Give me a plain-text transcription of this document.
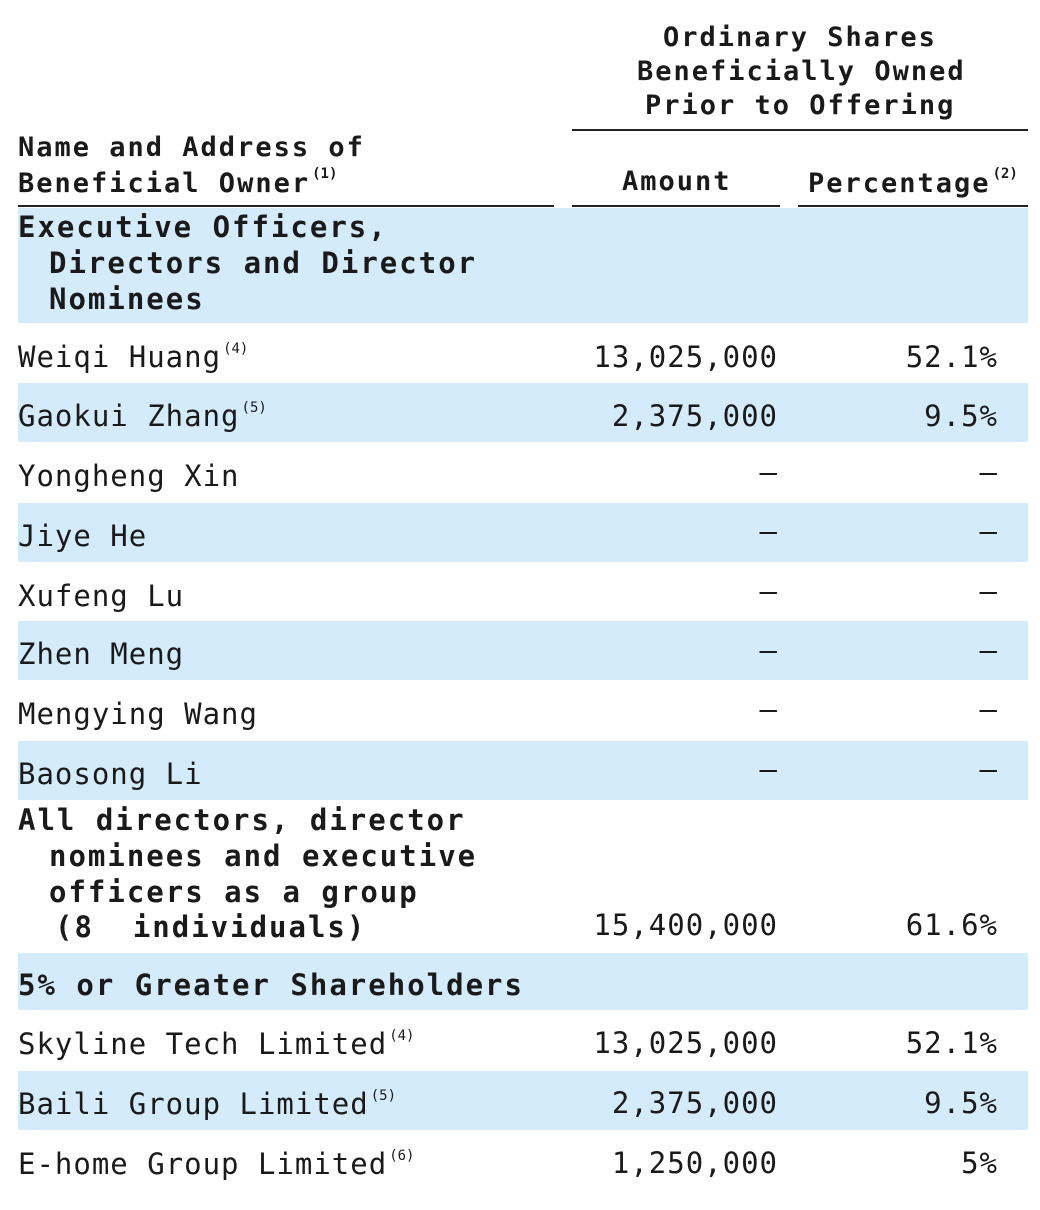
Ordinary Shares
Beneficially Owned
Prior to Offering
Name and Address of
Beneficial Owner $^{(1)}$	Amount	Percentage $^{(2)}$
Executive Officers,
Directors and Director
Nominees
Weiqi Huang $^{(4)}$	13,025,000	52.1%
Gaokui Zhang $^{(5)}$	2,375,000	9.5%
Yongheng Xin	—	—
Jiye He	—	—
Xufeng Lu	—	—
Zhen Meng	—	—
Mengying Wang	—	—
Baosong Li	—	—
All directors, director
nominees and executive
officers as a group
(8  individuals)	15,400,000	61.6%
5% or Greater Shareholders
Skyline Tech Limited $^{(4)}$	13,025,000	52.1%
Baili Group Limited $^{(5)}$	2,375,000	9.5%
E-home Group Limited $^{(6)}$	1,250,000	5%
